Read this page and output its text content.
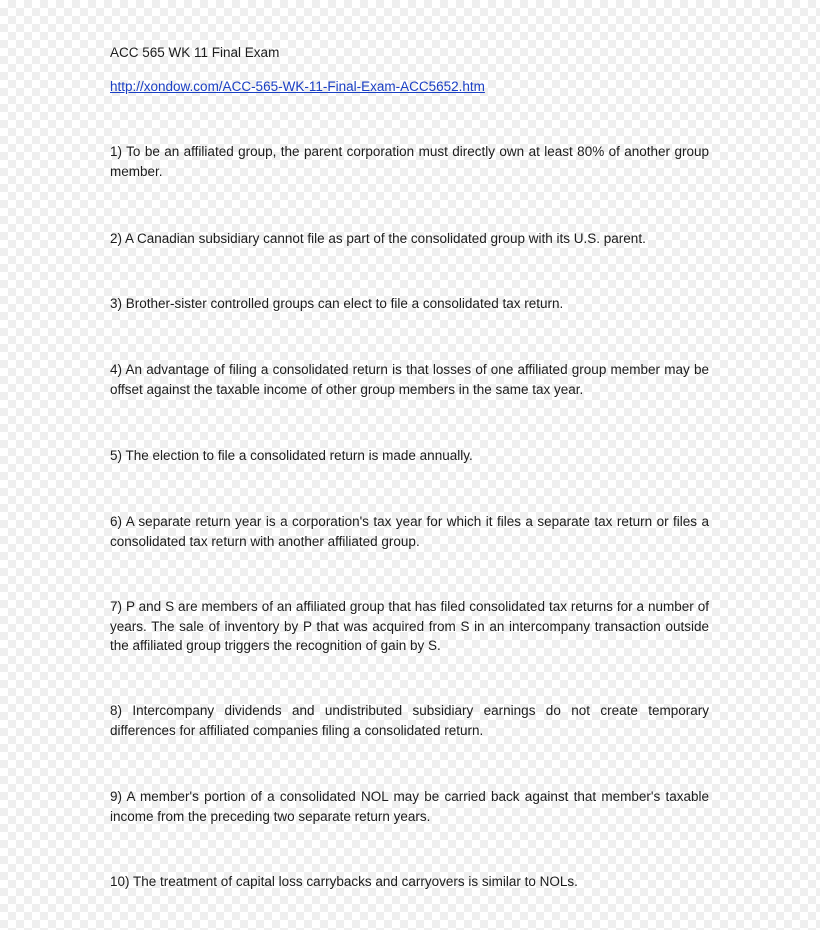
ACC 565 WK 11 Final Exam
http://xondow.com/ACC-565-WK-11-Final-Exam-ACC5652.htm

1) To be an affiliated group, the parent corporation must directly own at least 80% of another group member.

2) A Canadian subsidiary cannot file as part of the consolidated group with its U.S. parent.

3) Brother-sister controlled groups can elect to file a consolidated tax return.

4) An advantage of filing a consolidated return is that losses of one affiliated group member may be offset against the taxable income of other group members in the same tax year.

5) The election to file a consolidated return is made annually.

6) A separate return year is a corporation's tax year for which it files a separate tax return or files a consolidated tax return with another affiliated group.

7) P and S are members of an affiliated group that has filed consolidated tax returns for a number of years. The sale of inventory by P that was acquired from S in an intercompany transaction outside the affiliated group triggers the recognition of gain by S.

8) Intercompany dividends and undistributed subsidiary earnings do not create temporary differences for affiliated companies filing a consolidated return.

9) A member's portion of a consolidated NOL may be carried back against that member's taxable income from the preceding two separate return years.

10) The treatment of capital loss carrybacks and carryovers is similar to NOLs.
